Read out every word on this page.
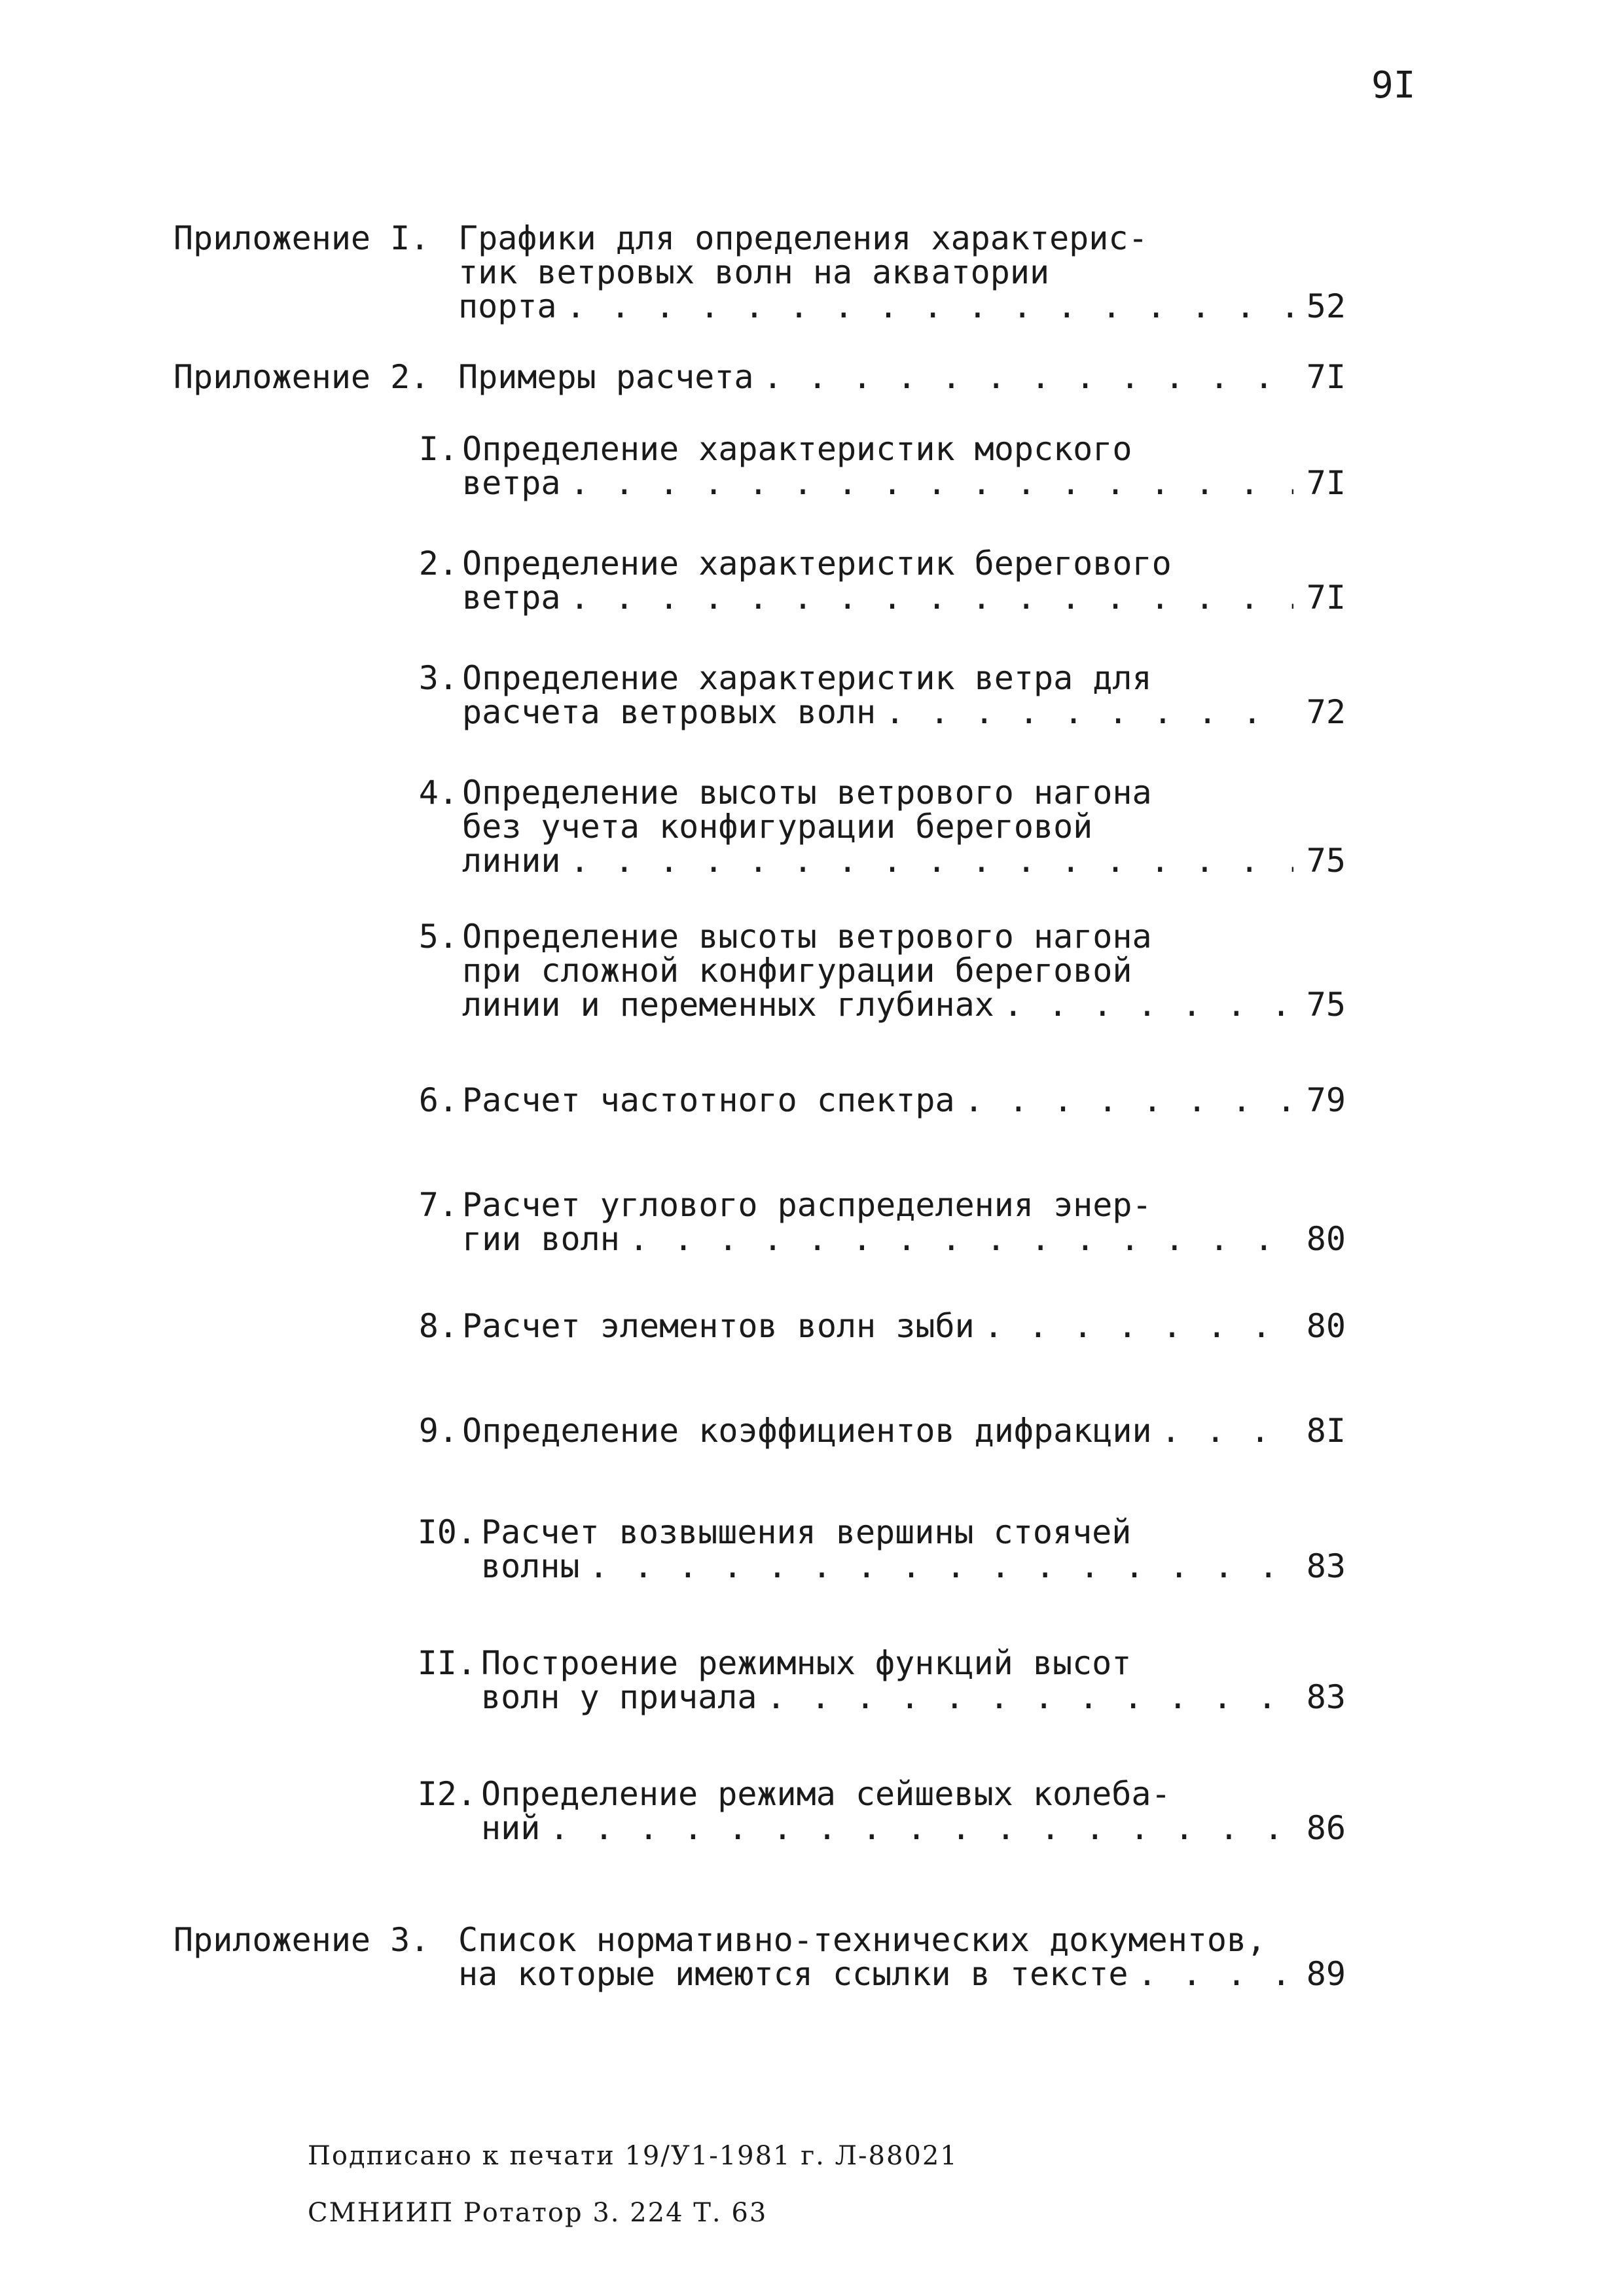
9I
Приложение I. Графики для определения характерис-
тик ветровых волн на акватории
порта . . .	52
Приложение 2. Примеры расчета . . .	7I
I. Определение характеристик морского
ветра . . .	7I
2. Определение характеристик берегового
ветра . . .	7I
3. Определение характеристик ветра для
расчета ветровых волн . . .	72
4. Определение высоты ветрового нагона
без учета конфигурации береговой
линии . . .	75
5. Определение высоты ветрового нагона
при сложной конфигурации береговой
линии и переменных глубинах . . .	75
6. Расчет частотного спектра . . .	79
7. Расчет углового распределения энер-
гии волн . . .	80
8. Расчет элементов волн зыби . . .	80
9. Определение коэффициентов дифракции . . .	8I
I0. Расчет возвышения вершины стоячей
волны . . .	83
II. Построение режимных функций высот
волн у причала . . .	83
I2. Определение режима сейшевых колеба-
ний . . .	86
Приложение 3. Список нормативно-технических документов,
на которые имеются ссылки в тексте . . .	89
Подписано к печати 19/У1-1981 г. Л-88021
СМНИИП Ротатор 3. 224 Т. 63
